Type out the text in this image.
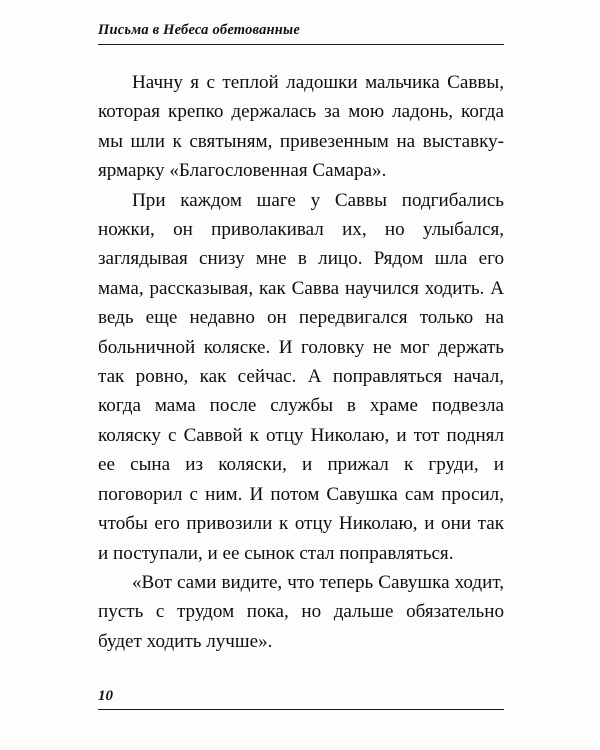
Письма в Небеса обетованные

Начну я с теплой ладошки мальчика Саввы, которая крепко держалась за мою ладонь, когда мы шли к святыням, привезенным на выставку-ярмарку «Благословенная Самара».

При каждом шаге у Саввы подгибались ножки, он приволакивал их, но улыбался, заглядывая снизу мне в лицо. Рядом шла его мама, рассказывая, как Савва научился ходить. А ведь еще недавно он передвигался только на больничной коляске. И головку не мог держать так ровно, как сейчас. А поправляться начал, когда мама после службы в храме подвезла коляску с Саввой к отцу Николаю, и тот поднял ее сына из коляски, и прижал к груди, и поговорил с ним. И потом Савушка сам просил, чтобы его привозили к отцу Николаю, и они так и поступали, и ее сынок стал поправляться.

«Вот сами видите, что теперь Савушка ходит, пусть с трудом пока, но дальше обязательно будет ходить лучше».

10
